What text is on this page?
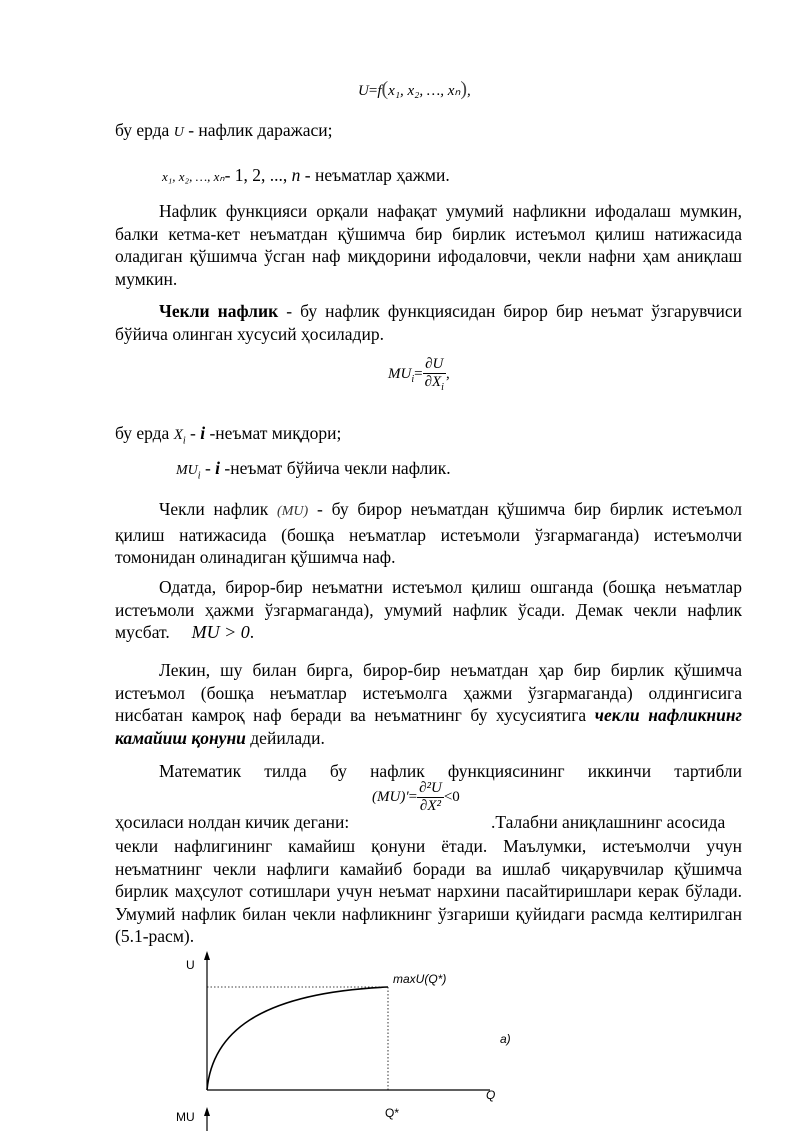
U=f(x₁, x₂, …, xₙ),
бу ерда U - нафлик даражаси;
x₁, x₂, …, xₙ- 1, 2, ..., n - неъматлар ҳажми.
Нафлик функцияси орқали нафақат умумий нафликни ифодалаш мумкин, балки кетма-кет неъматдан қўшимча бир бирлик истеъмол қилиш натижасида оладиган қўшимча ўсган наф миқдорини ифодаловчи, чекли нафни ҳам аниқлаш мумкин.
Чекли нафлик - бу нафлик функциясидан бирор бир неъмат ўзгарувчиси бўйича олинган хусусий ҳосиладир.
$MU_i= \frac{\partial U}{\partial X_i}$ ,
бу ерда $X_i$ - i -неъмат миқдори;
$MU_i$ - i -неъмат бўйича чекли нафлик.
Чекли нафлик (MU) - бу бирор неъматдан қўшимча бир бирлик истеъмол қилиш натижасида (бошқа неъматлар истеъмоли ўзгармаганда) истеъмолчи томонидан олинадиган қўшимча наф.
Одатда, бирор-бир неъматни истеъмол қилиш ошганда (бошқа неъматлар истеъмоли ҳажми ўзгармаганда), умумий нафлик ўсади. Демак чекли нафлик мусбат. MU > 0.
Лекин, шу билан бирга, бирор-бир неъматдан ҳар бир бирлик қўшимча истеъмол (бошқа неъматлар истеъмолга ҳажми ўзгармаганда) олдингисига нисбатан камроқ наф беради ва неъматнинг бу хусусиятига чекли нафликнинг камайиш қонуни дейилади.
Математик тилда бу нафлик функциясининг иккинчи тартибли
$(MU)'= \frac{\text{∂²U}}{\text{∂X²}} <0$
ҳосиласи нолдан кичик дегани:	.Талабни аниқлашнинг асосида
чекли нафлигининг камайиш қонуни ётади. Маълумки, истеъмолчи учун неъматнинг чекли нафлиги камайиб боради ва ишлаб чиқарувчилар қўшимча бирлик маҳсулот сотишлари учун неъмат нархини пасайтиришлари керак бўлади. Умумий нафлик билан чекли нафликнинг ўзгариши қуйидаги расмда келтирилган (5.1-расм).
U
maxU(Q*)
a)
Q
Q*
MU
